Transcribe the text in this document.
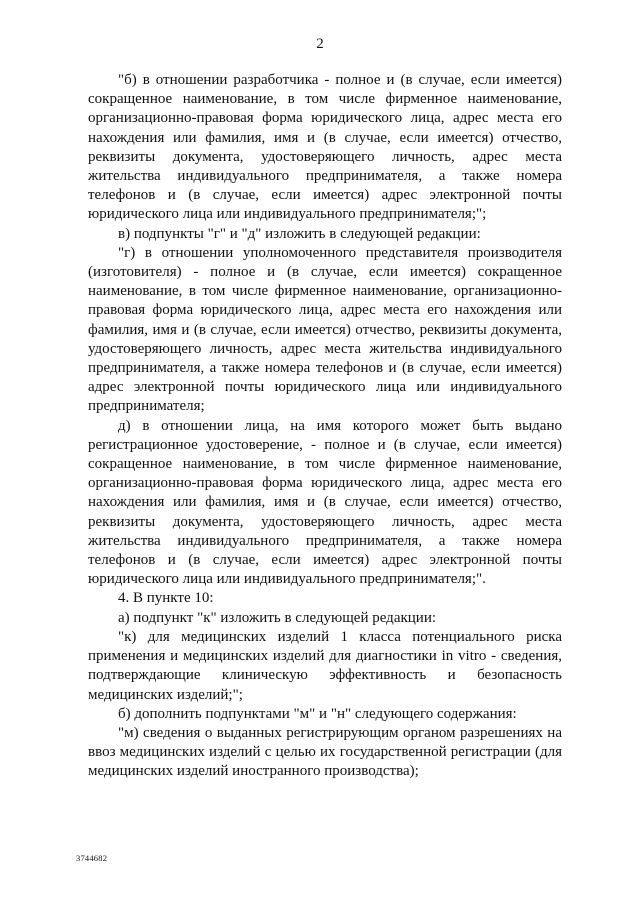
2

"б) в отношении разработчика - полное и (в случае, если имеется) сокращенное наименование, в том числе фирменное наименование, организационно-правовая форма юридического лица, адрес места его нахождения или фамилия, имя и (в случае, если имеется) отчество, реквизиты документа, удостоверяющего личность, адрес места жительства индивидуального предпринимателя, а также номера телефонов и (в случае, если имеется) адрес электронной почты юридического лица или индивидуального предпринимателя;";

в) подпункты "г" и "д" изложить в следующей редакции:

"г) в отношении уполномоченного представителя производителя (изготовителя) - полное и (в случае, если имеется) сокращенное наименование, в том числе фирменное наименование, организационно-правовая форма юридического лица, адрес места его нахождения или фамилия, имя и (в случае, если имеется) отчество, реквизиты документа, удостоверяющего личность, адрес места жительства индивидуального предпринимателя, а также номера телефонов и (в случае, если имеется) адрес электронной почты юридического лица или индивидуального предпринимателя;

д) в отношении лица, на имя которого может быть выдано регистрационное удостоверение, - полное и (в случае, если имеется) сокращенное наименование, в том числе фирменное наименование, организационно-правовая форма юридического лица, адрес места его нахождения или фамилия, имя и (в случае, если имеется) отчество, реквизиты документа, удостоверяющего личность, адрес места жительства индивидуального предпринимателя, а также номера телефонов и (в случае, если имеется) адрес электронной почты юридического лица или индивидуального предпринимателя;".

4. В пункте 10:

а) подпункт "к" изложить в следующей редакции:

"к) для медицинских изделий 1 класса потенциального риска применения и медицинских изделий для диагностики in vitro - сведения, подтверждающие клиническую эффективность и безопасность медицинских изделий;";

б) дополнить подпунктами "м" и "н" следующего содержания:

"м) сведения о выданных регистрирующим органом разрешениях на ввоз медицинских изделий с целью их государственной регистрации (для медицинских изделий иностранного производства);

3744682
